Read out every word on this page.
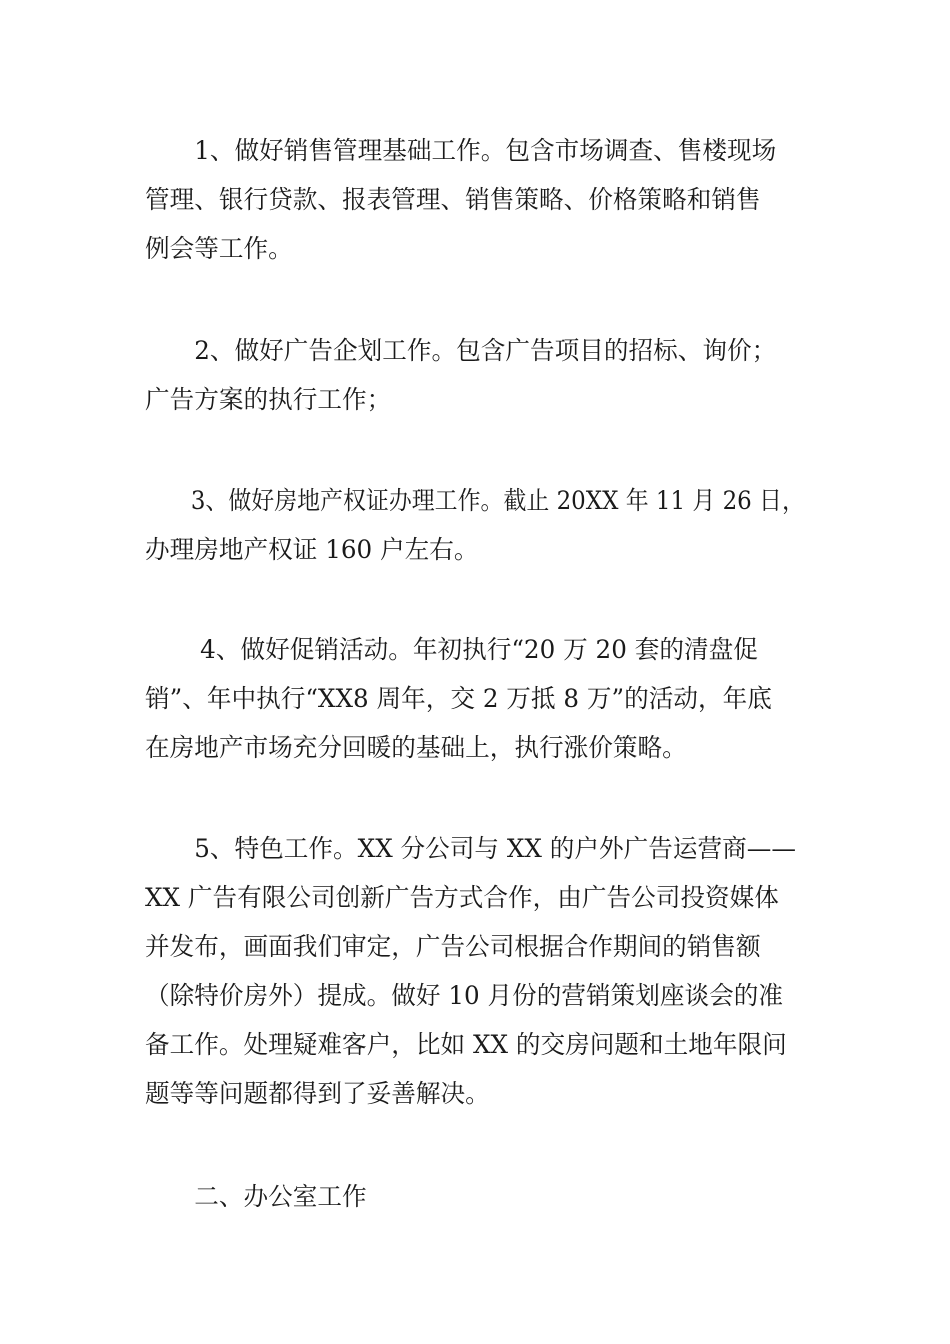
1、做好销售管理基础工作。包含市场调查、售楼现场
管理、银行贷款、报表管理、销售策略、价格策略和销售
例会等工作。
2、做好广告企划工作。包含广告项目的招标、询价；
广告方案的执行工作；
3、做好房地产权证办理工作。截止 20XX 年 11 月 26 日，
办理房地产权证 160 户左右。
4、做好促销活动。年初执行“20 万 20 套的清盘促
销”、年中执行“XX8 周年，交 2 万抵 8 万”的活动，年底
在房地产市场充分回暖的基础上，执行涨价策略。
5、特色工作。XX 分公司与 XX 的户外广告运营商——
XX 广告有限公司创新广告方式合作，由广告公司投资媒体
并发布，画面我们审定，广告公司根据合作期间的销售额
（除特价房外）提成。做好 10 月份的营销策划座谈会的准
备工作。处理疑难客户，比如 XX 的交房问题和土地年限问
题等等问题都得到了妥善解决。
二、办公室工作
